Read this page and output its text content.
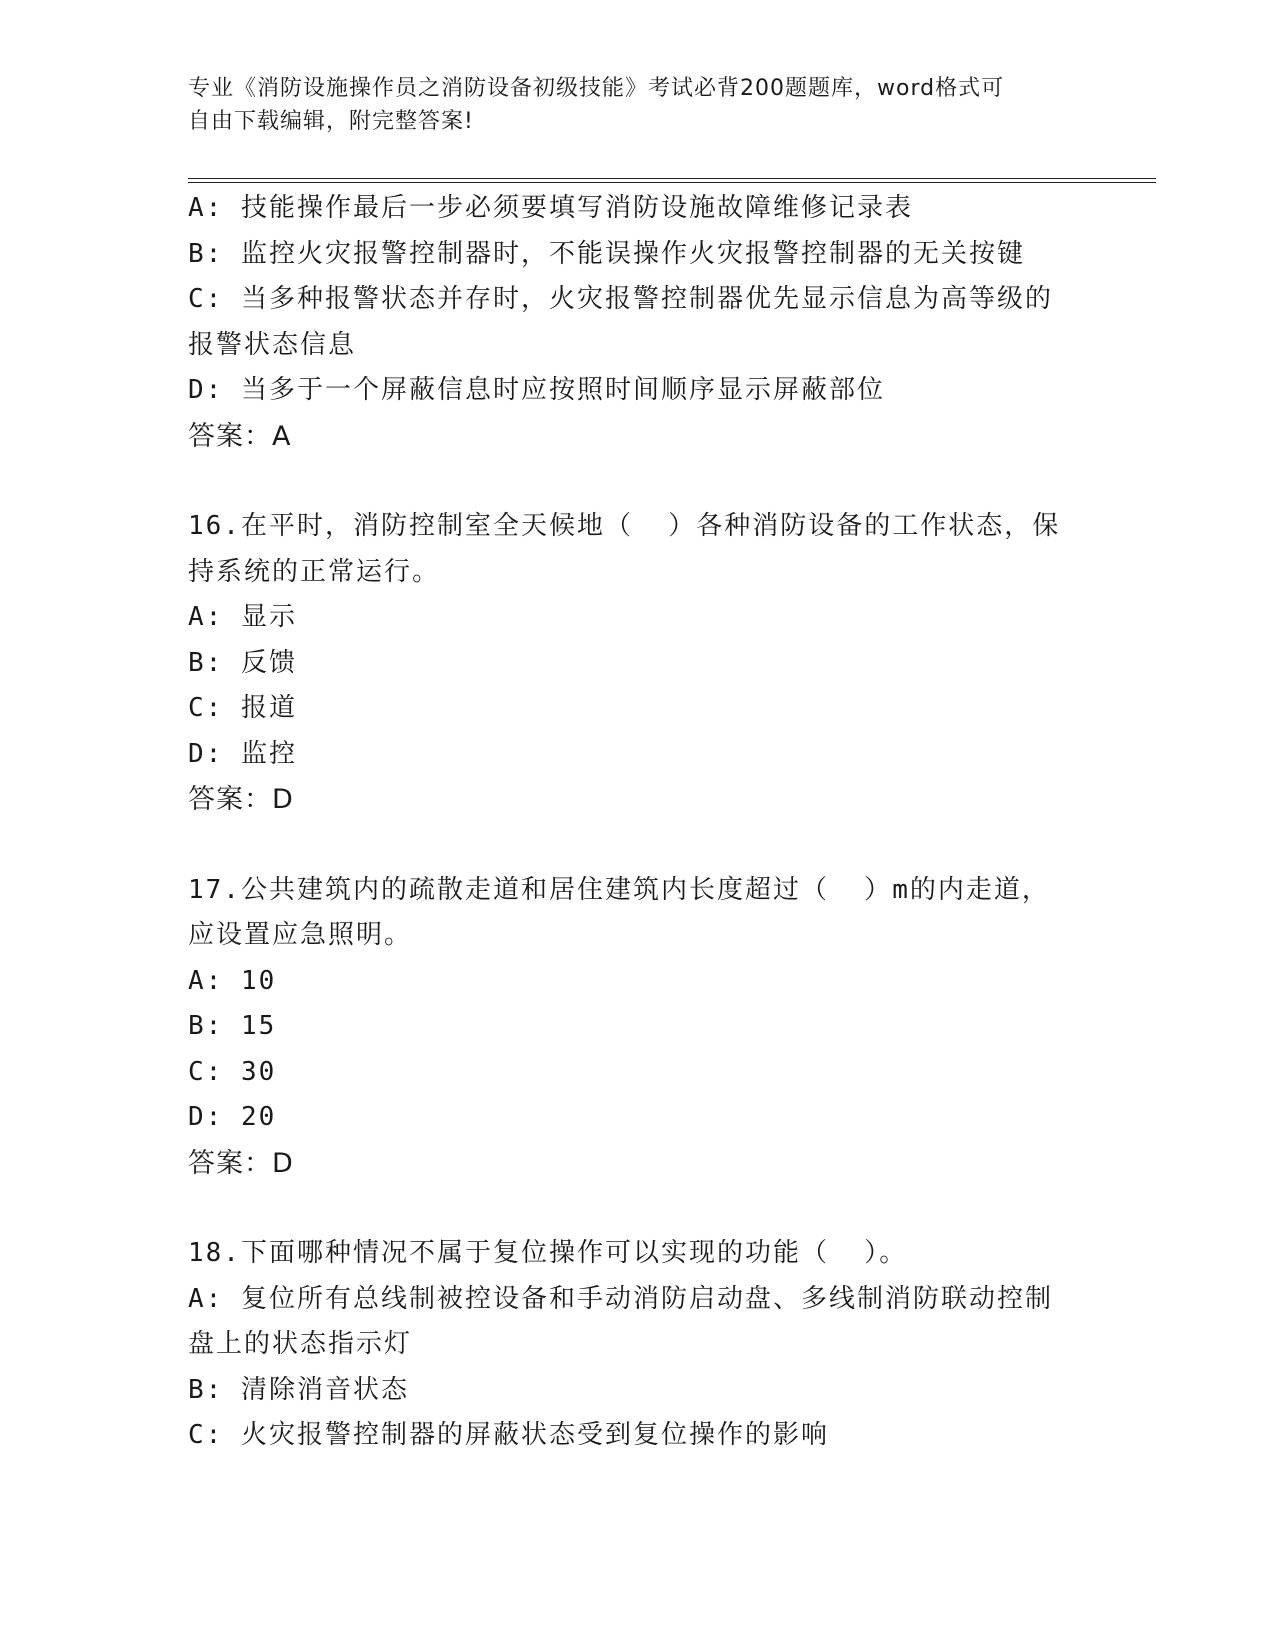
专业《消防设施操作员之消防设备初级技能》考试必背200题题库，word格式可
自由下载编辑，附完整答案!

A: 技能操作最后一步必须要填写消防设施故障维修记录表

B: 监控火灾报警控制器时，不能误操作火灾报警控制器的无关按键

C: 当多种报警状态并存时，火灾报警控制器优先显示信息为高等级的

报警状态信息

D: 当多于一个屏蔽信息时应按照时间顺序显示屏蔽部位

答案：A

16.在平时，消防控制室全天候地（  ）各种消防设备的工作状态，保

持系统的正常运行。

A: 显示

B: 反馈

C: 报道

D: 监控

答案：D

17.公共建筑内的疏散走道和居住建筑内长度超过（  ）m的内走道，

应设置应急照明。

A: 10

B: 15

C: 30

D: 20

答案：D

18.下面哪种情况不属于复位操作可以实现的功能（  ）。

A: 复位所有总线制被控设备和手动消防启动盘、多线制消防联动控制

盘上的状态指示灯

B: 清除消音状态

C: 火灾报警控制器的屏蔽状态受到复位操作的影响
